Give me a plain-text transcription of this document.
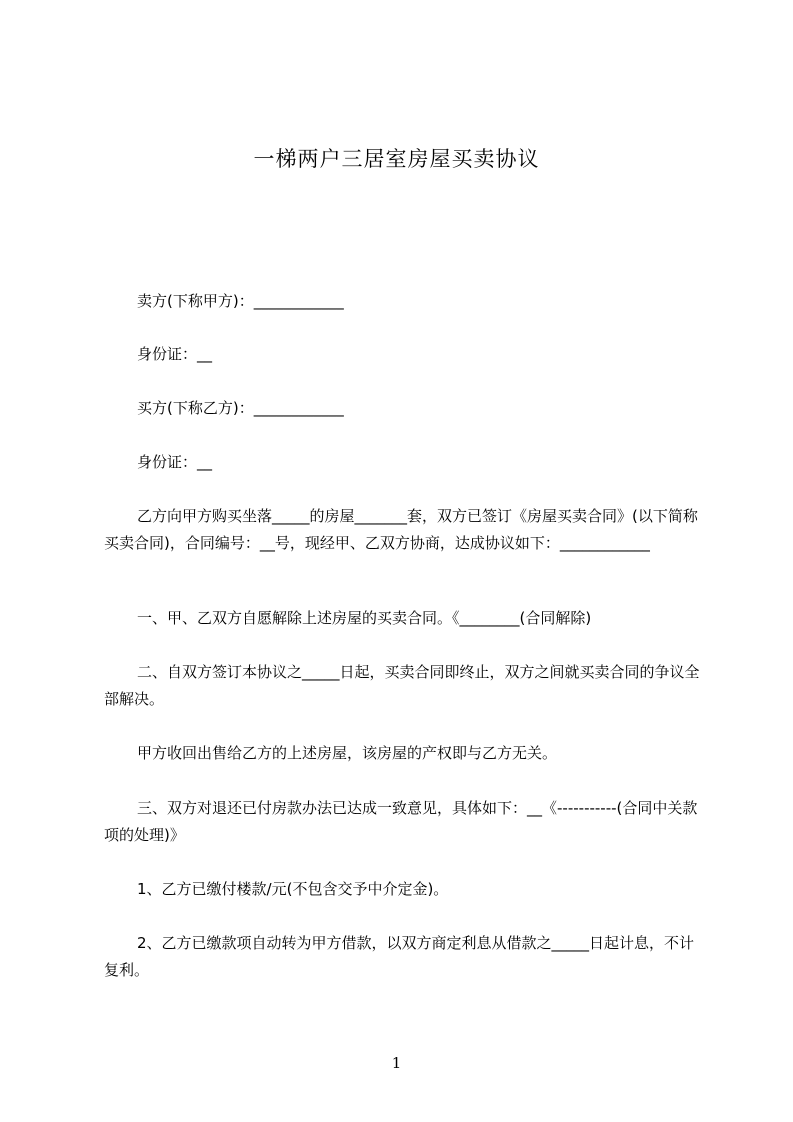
一梯两户三居室房屋买卖协议
卖方(下称甲方)：____________
身份证：__
买方(下称乙方)：____________
身份证：__
乙方向甲方购买坐落_____的房屋_______套，双方已签订《房屋买卖合同》(以下简称买卖合同)，合同编号：__号，现经甲、乙双方协商，达成协议如下：____________
一、甲、乙双方自愿解除上述房屋的买卖合同。《________(合同解除)
二、自双方签订本协议之_____日起，买卖合同即终止，双方之间就买卖合同的争议全部解决。
甲方收回出售给乙方的上述房屋，该房屋的产权即与乙方无关。
三、双方对退还已付房款办法已达成一致意见，具体如下：__《-----------(合同中关款项的处理)》
1、乙方已缴付楼款/元(不包含交予中介定金)。
2、乙方已缴款项自动转为甲方借款，以双方商定利息从借款之_____日起计息，不计复利。
1
